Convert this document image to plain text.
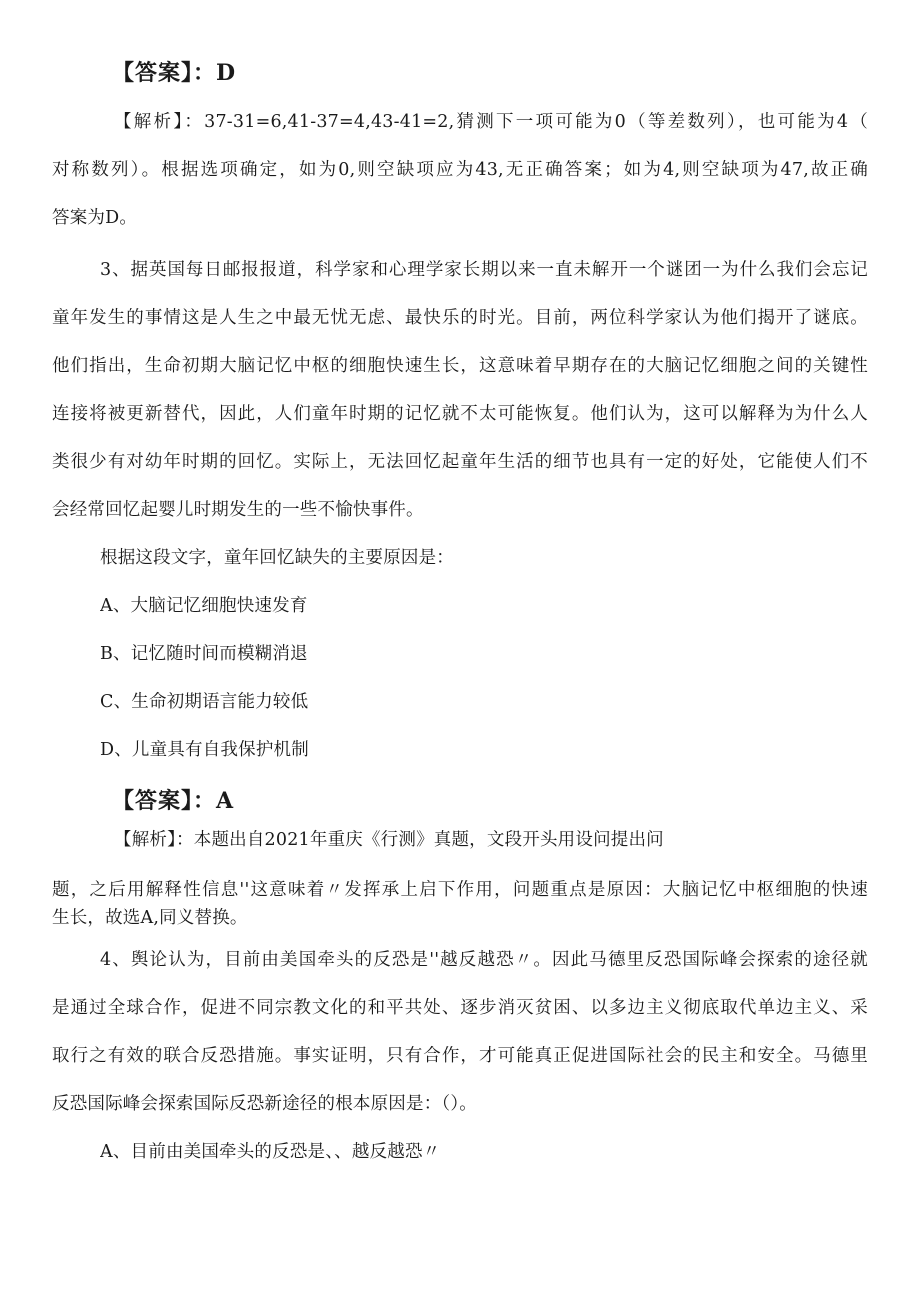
【答案】：D
【解析】：37-31=6,41-37=4,43-41=2,猜测下一项可能为0（等差数列），也可能为4（
对称数列）。根据选项确定，如为0,则空缺项应为43,无正确答案；如为4,则空缺项为47,故正确
答案为D。
3、据英国每日邮报报道，科学家和心理学家长期以来一直未解开一个谜团一为什么我们会忘记
童年发生的事情这是人生之中最无忧无虑、最快乐的时光。目前，两位科学家认为他们揭开了谜底。
他们指出，生命初期大脑记忆中枢的细胞快速生长，这意味着早期存在的大脑记忆细胞之间的关键性
连接将被更新替代，因此，人们童年时期的记忆就不太可能恢复。他们认为，这可以解释为为什么人
类很少有对幼年时期的回忆。实际上，无法回忆起童年生活的细节也具有一定的好处，它能使人们不
会经常回忆起婴儿时期发生的一些不愉快事件。
根据这段文字，童年回忆缺失的主要原因是：
A、大脑记忆细胞快速发育
B、记忆随时间而模糊消退
C、生命初期语言能力较低
D、儿童具有自我保护机制
【答案】：A
【解析】：本题出自2021年重庆《行测》真题，文段开头用设问提出问
题，之后用解释性信息''这意味着〃发挥承上启下作用，问题重点是原因：大脑记忆中枢细胞的快速
生长，故选A,同义替换。
4、舆论认为，目前由美国牵头的反恐是''越反越恐〃。因此马德里反恐国际峰会探索的途径就
是通过全球合作，促进不同宗教文化的和平共处、逐步消灭贫困、以多边主义彻底取代单边主义、采
取行之有效的联合反恐措施。事实证明，只有合作，才可能真正促进国际社会的民主和安全。马德里
反恐国际峰会探索国际反恐新途径的根本原因是：（）。
A、目前由美国牵头的反恐是、、越反越恐〃
